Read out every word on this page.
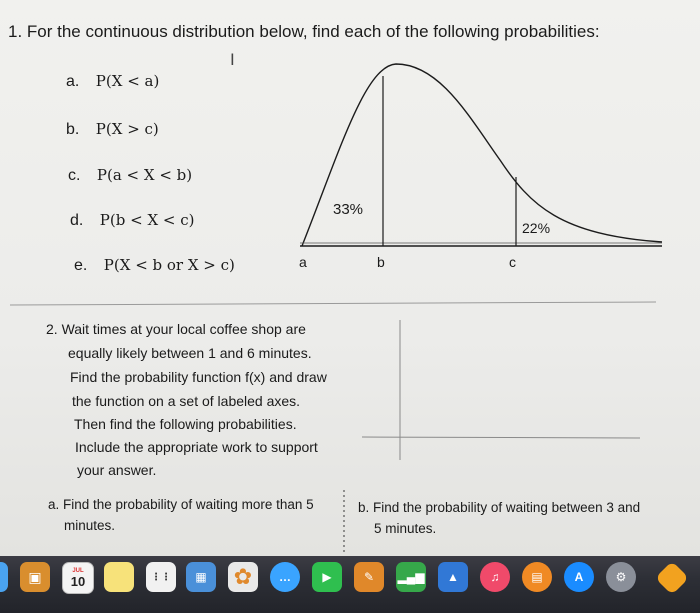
1. For the continuous distribution below, find each of the following probabilities:
I
a. P(X < a)
b. P(X > c)
c. P(a < X < b)
d. P(b < X < c)
e. P(X < b or X > c)
33%
22%
a	b	c
2. Wait times at your local coffee shop are
equally likely between 1 and 6 minutes.
Find the probability function f(x) and draw
the function on a set of labeled axes.
Then find the following probabilities.
Include the appropriate work to support
your answer.
a. Find the probability of waiting more than 5
minutes.
b. Find the probability of waiting between 3 and
5 minutes.
▣	JUL
10	⋮⋮	▦	✿	…	▶	✎	▂▄▆	▲	♫	▤	A	⚙
